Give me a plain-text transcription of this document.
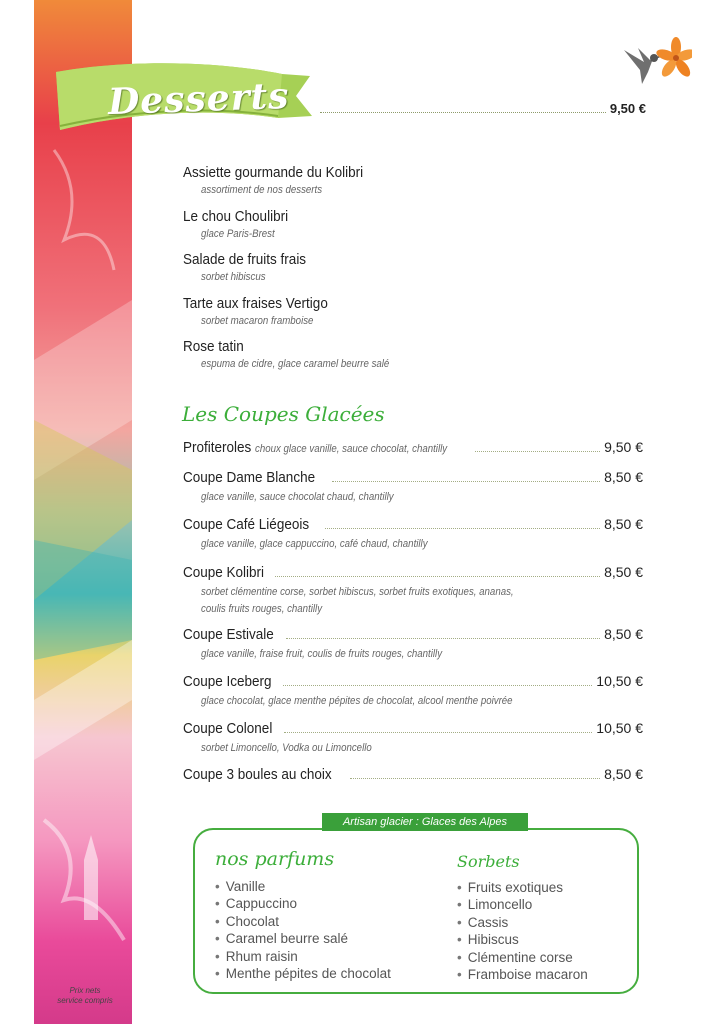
Desserts	9,50 €
Assiette gourmande du Kolibri
assortiment de nos desserts
Le chou Choulibri
glace Paris-Brest
Salade de fruits frais
sorbet hibiscus
Tarte aux fraises Vertigo
sorbet macaron framboise
Rose tatin
espuma de cidre, glace caramel beurre salé
Les Coupes Glacées
Profiteroles choux glace vanille, sauce chocolat, chantilly	9,50 €
Coupe Dame Blanche	8,50 €
glace vanille, sauce chocolat chaud, chantilly
Coupe Café Liégeois	8,50 €
glace vanille, glace cappuccino, café chaud, chantilly
Coupe Kolibri	8,50 €
sorbet clémentine corse, sorbet hibiscus, sorbet fruits exotiques, ananas,
coulis fruits rouges, chantilly
Coupe Estivale	8,50 €
glace vanille, fraise fruit, coulis de fruits rouges, chantilly
Coupe Iceberg	10,50 €
glace chocolat, glace menthe pépites de chocolat, alcool menthe poivrée
Coupe Colonel	10,50 €
sorbet Limoncello, Vodka ou Limoncello
Coupe 3 boules au choix	8,50 €
nos parfums
• Vanille
• Cappuccino
• Chocolat
• Caramel beurre salé
• Rhum raisin
• Menthe pépites de chocolat
Sorbets
• Fruits exotiques
• Limoncello
• Cassis
• Hibiscus
• Clémentine corse
• Framboise macaron
Artisan glacier : Glaces des Alpes
Prix nets
service compris
